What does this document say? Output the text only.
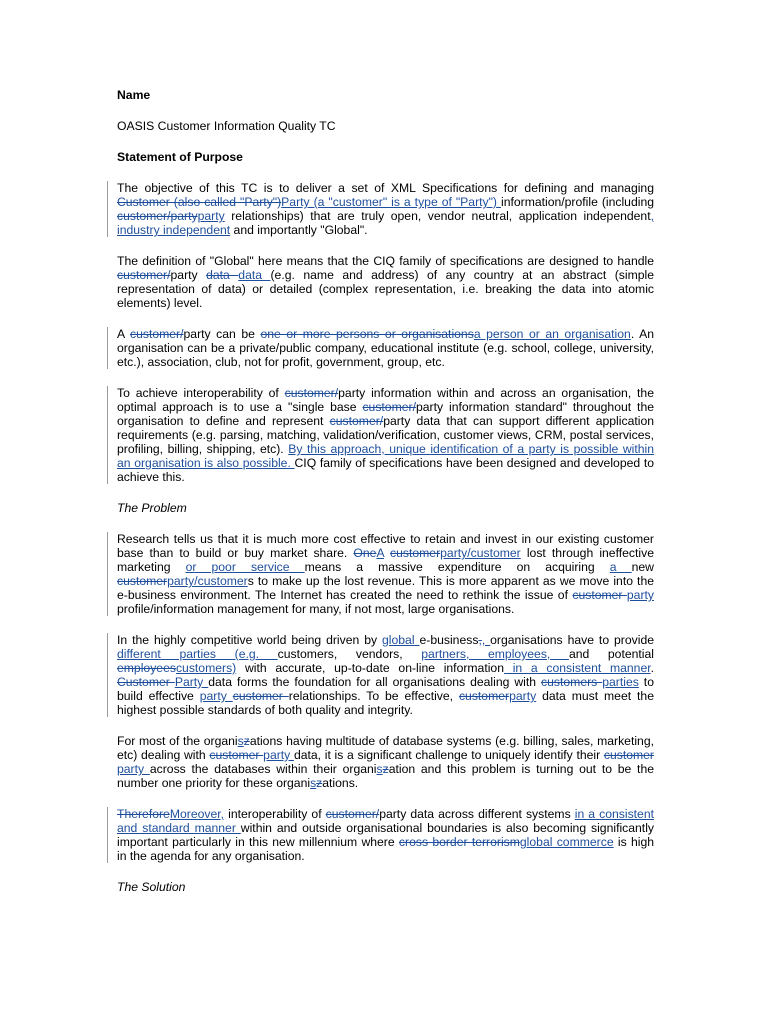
Name

OASIS Customer Information Quality TC

Statement of Purpose

The objective of this TC is to deliver a set of XML Specifications for defining and managing Customer (also called "Party")Party (a "customer" is a type of "Party") information/profile (including customer/partyparty relationships) that are truly open, vendor neutral, application independent, industry independent and importantly "Global".

The definition of "Global" here means that the CIQ family of specifications are designed to handle customer/party data data (e.g. name and address) of any country at an abstract (simple representation of data) or detailed (complex representation, i.e. breaking the data into atomic elements) level.

A customer/party can be one or more persons or organisationsa person or an organisation. An organisation can be a private/public company, educational institute (e.g. school, college, university, etc.), association, club, not for profit, government, group, etc.

To achieve interoperability of customer/party information within and across an organisation, the optimal approach is to use a "single base customer/party information standard" throughout the organisation to define and represent customer/party data that can support different application requirements (e.g. parsing, matching, validation/verification, customer views, CRM, postal services, profiling, billing, shipping, etc). By this approach, unique identification of a party is possible within an organisation is also possible. CIQ family of specifications have been designed and developed to achieve this.

The Problem

Research tells us that it is much more cost effective to retain and invest in our existing customer base than to build or buy market share. OneA customerparty/customer lost through ineffective marketing or poor service means a massive expenditure on acquiring a new customerparty/customers to make up the lost revenue. This is more apparent as we move into the e-business environment. The Internet has created the need to rethink the issue of customer party profile/information management for many, if not most, large organisations.

In the highly competitive world being driven by global e-business,, organisations have to provide different parties (e.g. customers, vendors, partners, employees, and potential employeescustomers) with accurate, up-to-date on-line information in a consistent manner. Customer Party data forms the foundation for all organisations dealing with customers parties to build effective party customer relationships. To be effective, customerparty data must meet the highest possible standards of both quality and integrity.

For most of the organiszations having multitude of database systems (e.g. billing, sales, marketing, etc) dealing with customer party data, it is a significant challenge to uniquely identify their customer party across the databases within their organiszation and this problem is turning out to be the number one priority for these organiszations.

ThereforeMoreover, interoperability of customer/party data across different systems in a consistent and standard manner within and outside organisational boundaries is also becoming significantly important particularly in this new millennium where cross border terrorismglobal commerce is high in the agenda for any organisation.

The Solution
